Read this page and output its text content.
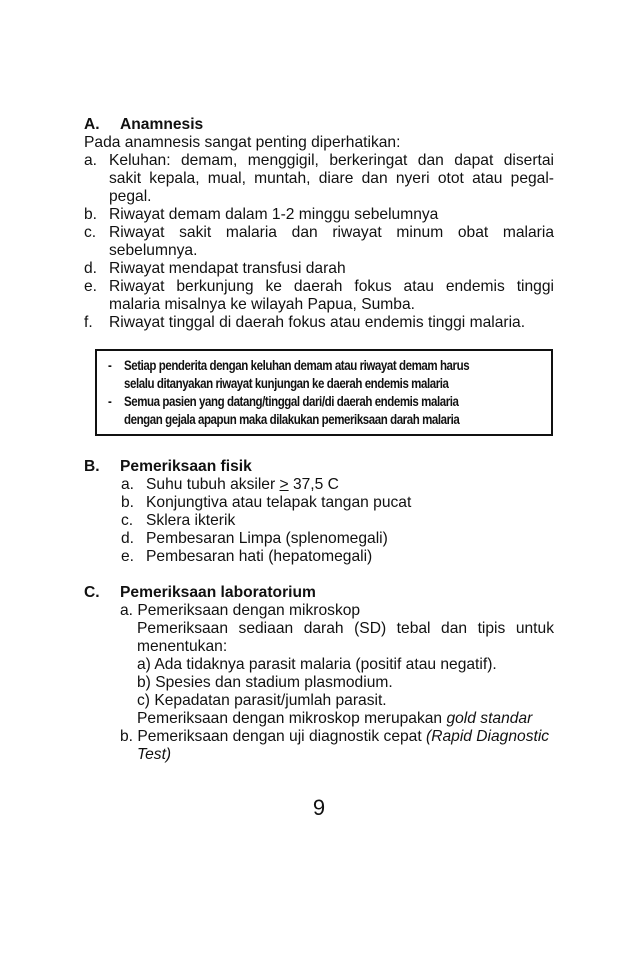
A. Anamnesis
Pada anamnesis sangat penting diperhatikan:
a. Keluhan: demam, menggigil, berkeringat dan dapat disertai
sakit kepala, mual, muntah, diare dan nyeri otot atau pegal-
pegal.
b. Riwayat demam dalam 1-2 minggu sebelumnya
c. Riwayat sakit malaria dan riwayat minum obat malaria
sebelumnya.
d. Riwayat mendapat transfusi darah
e. Riwayat berkunjung ke daerah fokus atau endemis tinggi
malaria misalnya ke wilayah Papua, Sumba.
f. Riwayat tinggal di daerah fokus atau endemis tinggi malaria.
- Setiap penderita dengan keluhan demam atau riwayat demam harus
selalu ditanyakan riwayat kunjungan ke daerah endemis malaria
- Semua pasien yang datang/tinggal dari/di daerah endemis malaria
dengan gejala apapun maka dilakukan pemeriksaan darah malaria
B. Pemeriksaan fisik
a. Suhu tubuh aksiler ≥ 37,5 C
b. Konjungtiva atau telapak tangan pucat
c. Sklera ikterik
d. Pembesaran Limpa (splenomegali)
e. Pembesaran hati (hepatomegali)
C. Pemeriksaan laboratorium
a. Pemeriksaan dengan mikroskop
Pemeriksaan sediaan darah (SD) tebal dan tipis untuk
menentukan:
a) Ada tidaknya parasit malaria (positif atau negatif).
b) Spesies dan stadium plasmodium.
c) Kepadatan parasit/jumlah parasit.
Pemeriksaan dengan mikroskop merupakan gold standar
b. Pemeriksaan dengan uji diagnostik cepat (Rapid Diagnostic
Test)
9
